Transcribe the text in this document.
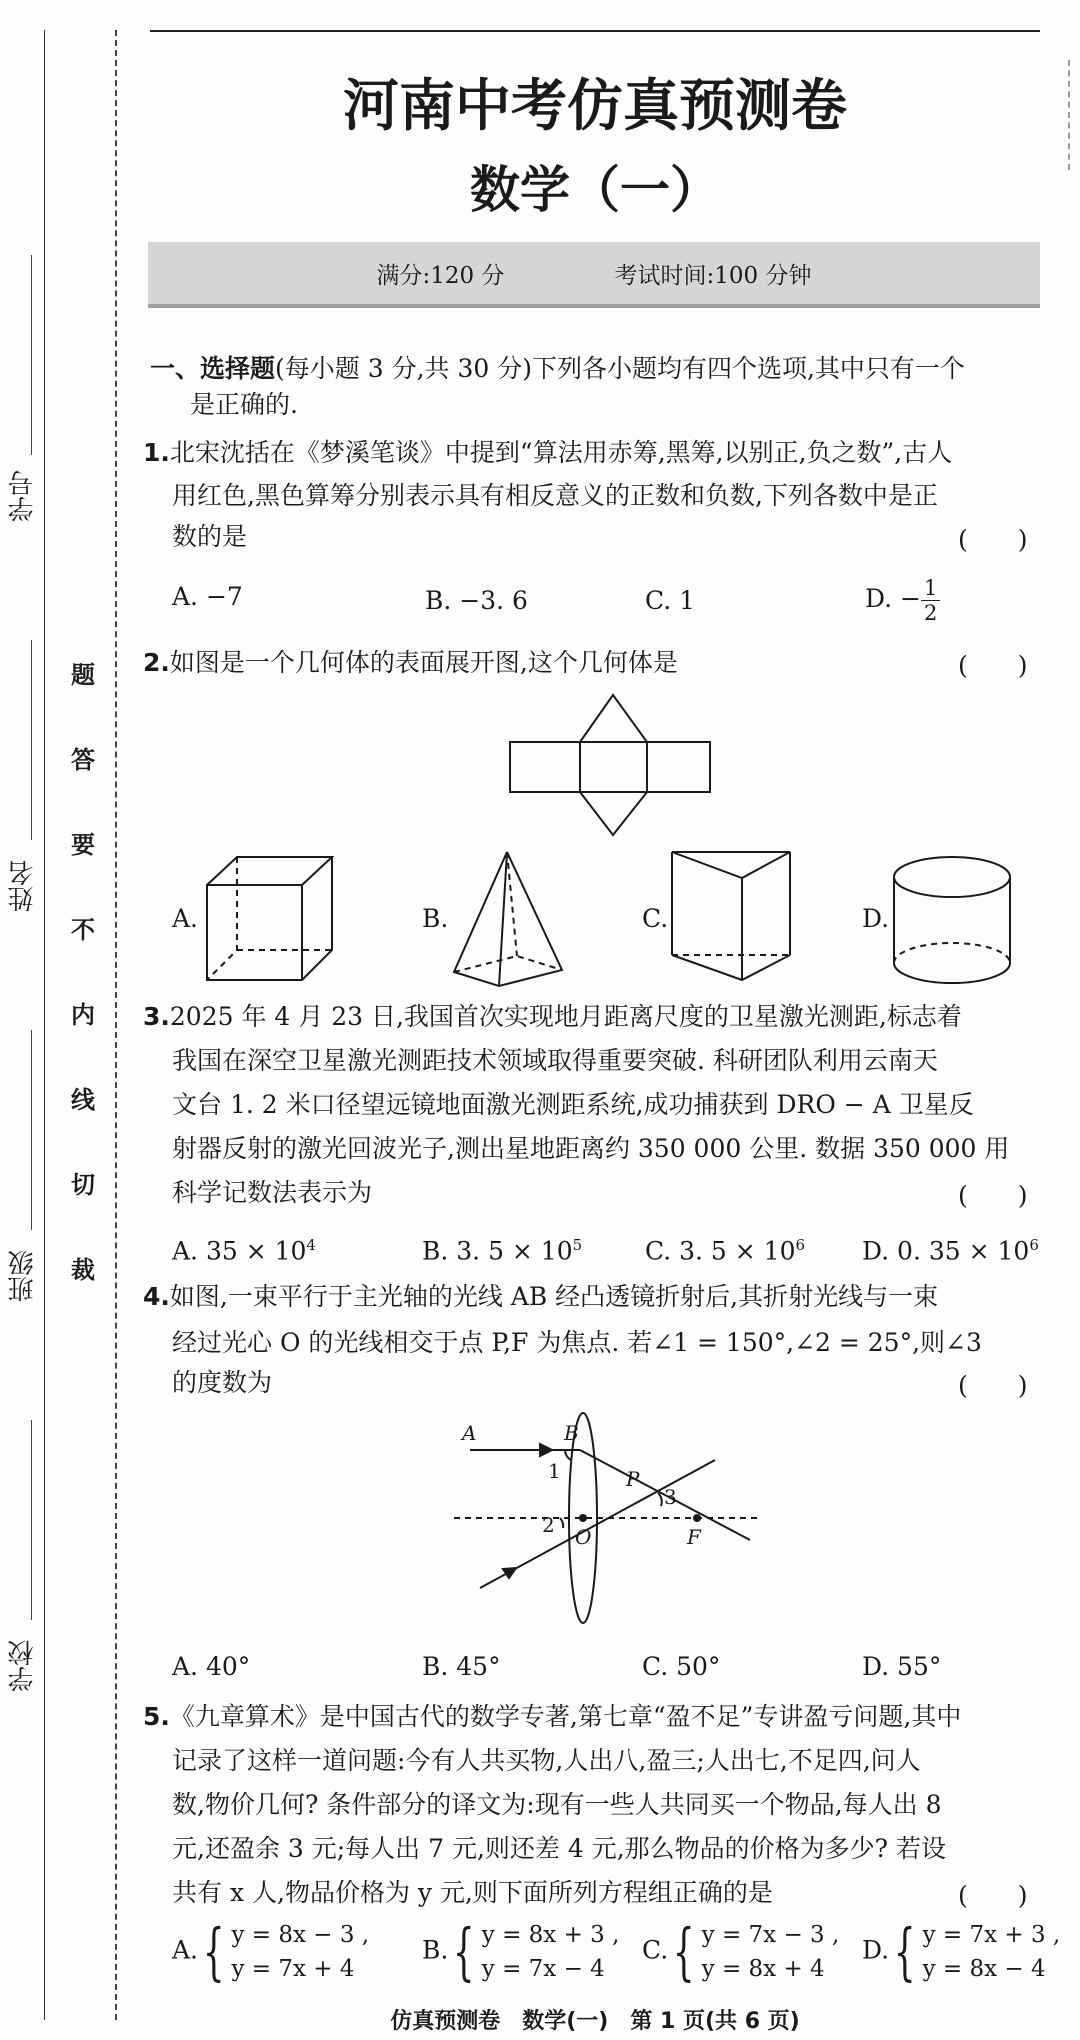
学号
姓名
班级
学校
题
答
要
不
内
线
切
裁
河南中考仿真预测卷
数学（一）
满分:120 分	考试时间:100 分钟
一、选择题(每小题 3 分,共 30 分)下列各小题均有四个选项,其中只有一个
是正确的.
1.北宋沈括在《梦溪笔谈》中提到“算法用赤筹,黑筹,以别正,负之数”,古人
用红色,黑色算筹分别表示具有相反意义的正数和负数,下列各数中是正
数的是	(　　)
A. −7	B. −3. 6	C. 1	D. − $\frac{1}{2}$
2.如图是一个几何体的表面展开图,这个几何体是	(　　)
A.	B.	C.	D.
3.2025 年 4 月 23 日,我国首次实现地月距离尺度的卫星激光测距,标志着
我国在深空卫星激光测距技术领域取得重要突破. 科研团队利用云南天
文台 1. 2 米口径望远镜地面激光测距系统,成功捕获到 DRO − A 卫星反
射器反射的激光回波光子,测出星地距离约 350 000 公里. 数据 350 000 用
科学记数法表示为	(　　)
A. $35 \times 10^4$	B. 3. $5 \times 10^5$	C. 3. $5 \times 10^6$ D. 0. $35 \times 10^6$
4.如图,一束平行于主光轴的光线 AB 经凸透镜折射后,其折射光线与一束
经过光心 O 的光线相交于点 P,F 为焦点. 若∠1 = 150°,∠2 = 25°,则∠3
的度数为	(　　)
A	B
1	P
3
2 O	F
A. 40°	B. 45°	C. 50°	D. 55°
5.《九章算术》是中国古代的数学专著,第七章“盈不足”专讲盈亏问题,其中
记录了这样一道问题:今有人共买物,人出八,盈三;人出七,不足四,问人
数,物价几何? 条件部分的译文为:现有一些人共同买一个物品,每人出 8
元,还盈余 3 元;每人出 7 元,则还差 4 元,那么物品的价格为多少? 若设
共有 x 人,物品价格为 y 元,则下面所列方程组正确的是	(　　)
A.{ y = 8x − 3 ,
y = 7x + 4
B.{ y = 8x + 3 ,
y = 7x − 4
C.{ y = 7x − 3 ,
y = 8x + 4
D.{ y = 7x + 3 ,
y = 8x − 4
仿真预测卷　数学(一)　第 1 页(共 6 页)
